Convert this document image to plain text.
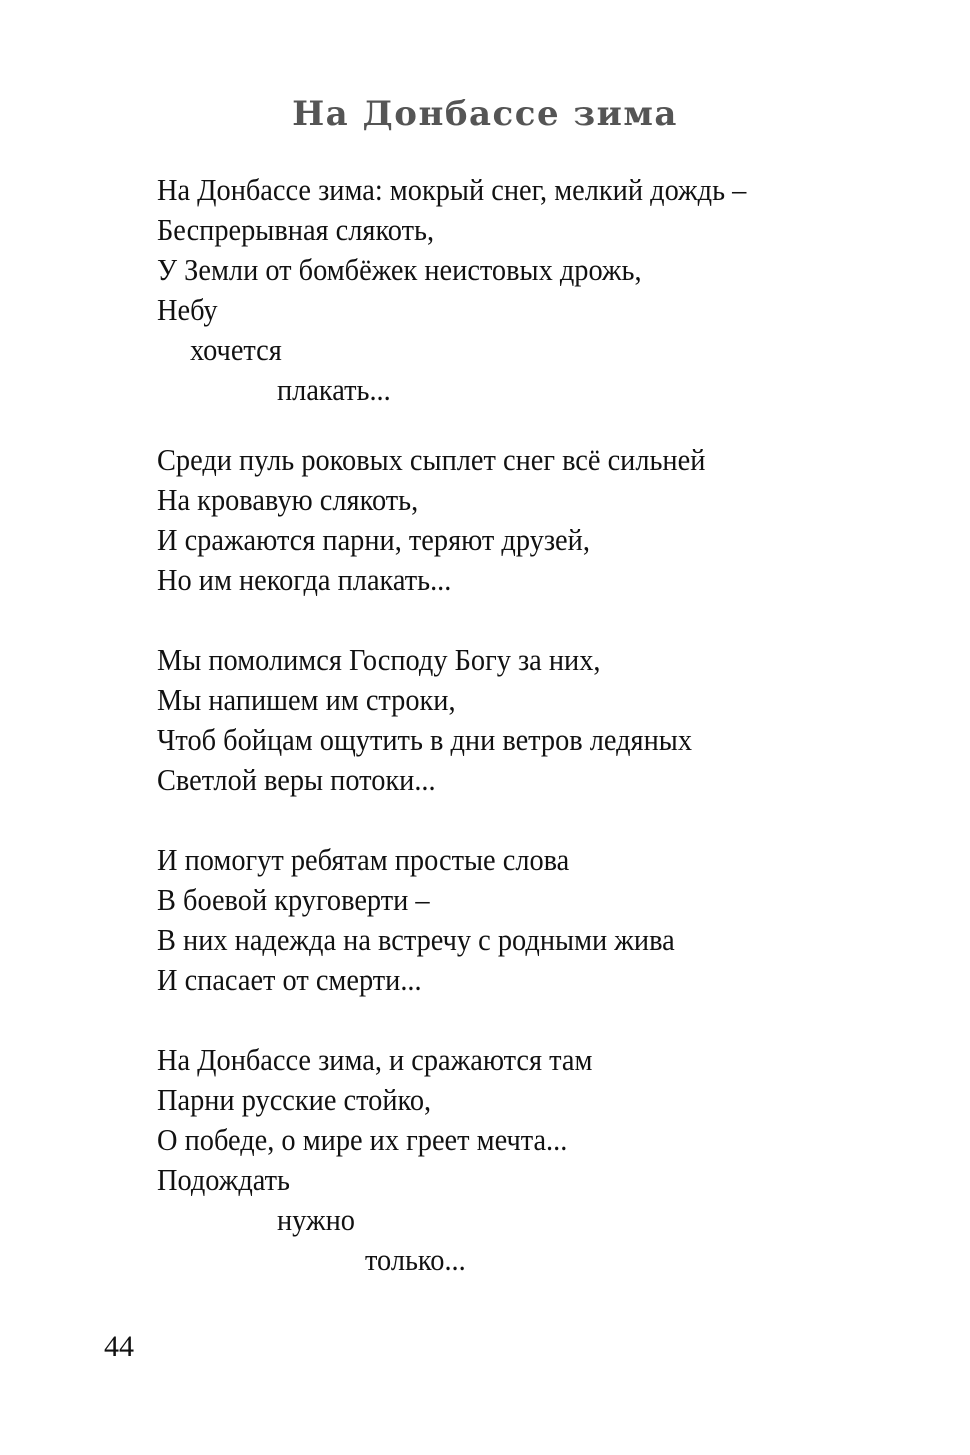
На Донбассе зима
На Донбассе зима: мокрый снег, мелкий дождь –
Беспрерывная слякоть,
У Земли от бомбёжек неистовых дрожь,
Небу
хочется
плакать...
Среди пуль роковых сыплет снег всё сильней
На кровавую слякоть,
И сражаются парни, теряют друзей,
Но им некогда плакать...
Мы помолимся Господу Богу за них,
Мы напишем им строки,
Чтоб бойцам ощутить в дни ветров ледяных
Светлой веры потоки...
И помогут ребятам простые слова
В боевой круговерти –
В них надежда на встречу с родными жива
И спасает от смерти...
На Донбассе зима, и сражаются там
Парни русские стойко,
О победе, о мире их греет мечта...
Подождать
нужно
только...
44
